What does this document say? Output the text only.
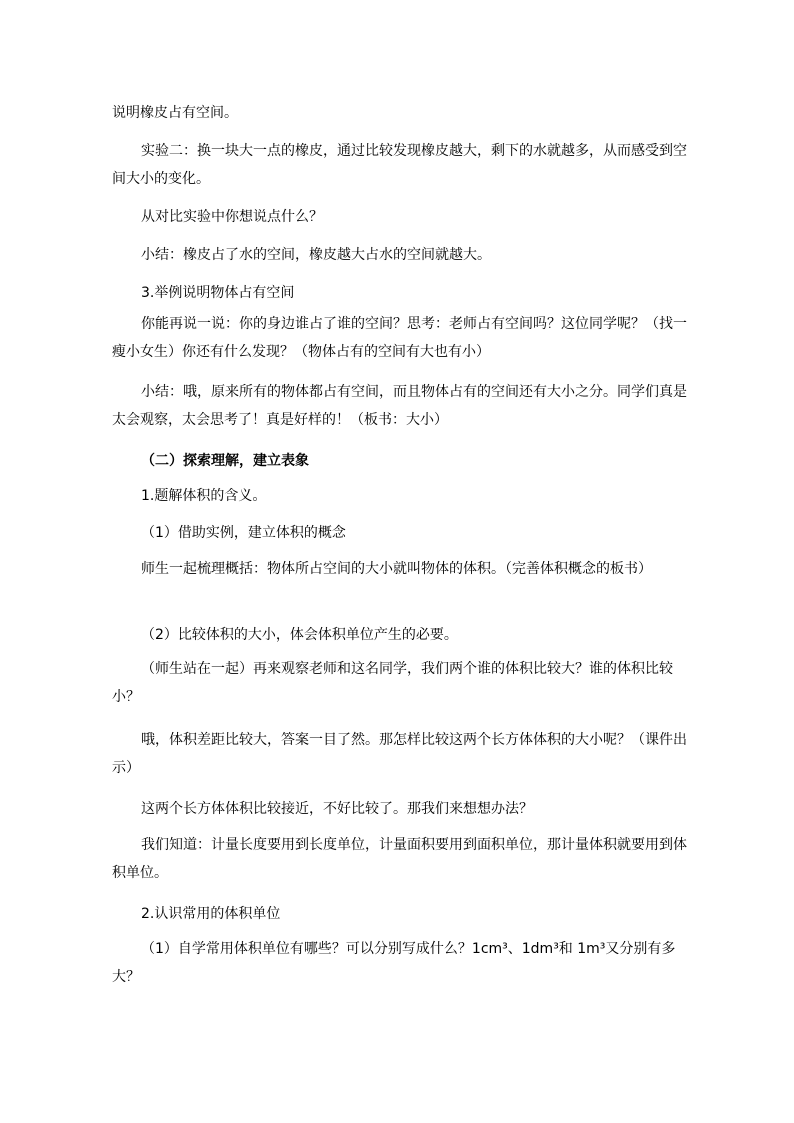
说明橡皮占有空间。

实验二：换一块大一点的橡皮，通过比较发现橡皮越大，剩下的水就越多，从而感受到空间大小的变化。

从对比实验中你想说点什么？

小结：橡皮占了水的空间，橡皮越大占水的空间就越大。

3.举例说明物体占有空间

你能再说一说：你的身边谁占了谁的空间？思考：老师占有空间吗？这位同学呢？（找一瘦小女生）你还有什么发现？（物体占有的空间有大也有小）

小结：哦，原来所有的物体都占有空间，而且物体占有的空间还有大小之分。同学们真是太会观察，太会思考了！真是好样的！（板书：大小）

（二）探索理解，建立表象

1.题解体积的含义。

（1）借助实例，建立体积的概念

师生一起梳理概括：物体所占空间的大小就叫物体的体积。（完善体积概念的板书）

（2）比较体积的大小，体会体积单位产生的必要。

（师生站在一起）再来观察老师和这名同学，我们两个谁的体积比较大？谁的体积比较小？

哦，体积差距比较大，答案一目了然。那怎样比较这两个长方体体积的大小呢？（课件出示）

这两个长方体体积比较接近，不好比较了。那我们来想想办法？

我们知道：计量长度要用到长度单位，计量面积要用到面积单位，那计量体积就要用到体积单位。

2.认识常用的体积单位

（1）自学常用体积单位有哪些？可以分别写成什么？1cm³、1dm³和 1m³又分别有多大？
